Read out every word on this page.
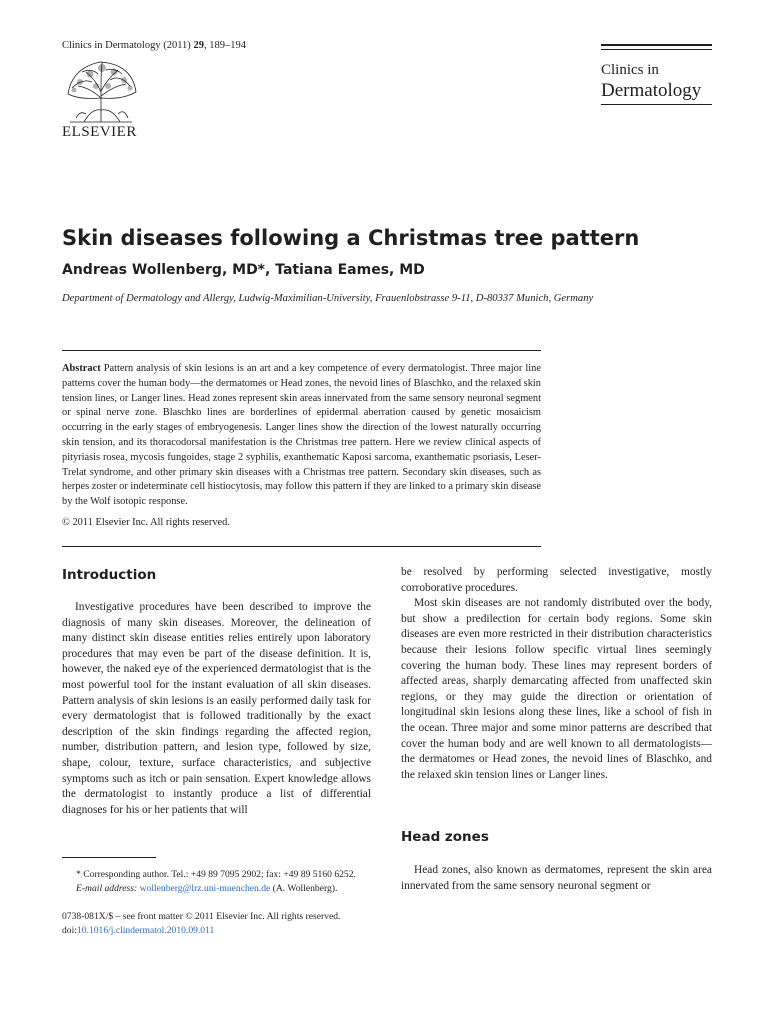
Clinics in Dermatology (2011) 29, 189–194
ELSEVIER
Clinics in
Dermatology
Skin diseases following a Christmas tree pattern
Andreas Wollenberg, MD*, Tatiana Eames, MD
Department of Dermatology and Allergy, Ludwig-Maximilian-University, Frauenlobstrasse 9-11, D-80337 Munich, Germany
Abstract Pattern analysis of skin lesions is an art and a key competence of every dermatologist. Three major line patterns cover the human body—the dermatomes or Head zones, the nevoid lines of Blaschko, and the relaxed skin tension lines, or Langer lines. Head zones represent skin areas innervated from the same sensory neuronal segment or spinal nerve zone. Blaschko lines are borderlines of epidermal aberration caused by genetic mosaicism occurring in the early stages of embryogenesis. Langer lines show the direction of the lowest naturally occurring skin tension, and its thoracodorsal manifestation is the Christmas tree pattern. Here we review clinical aspects of pityriasis rosea, mycosis fungoides, stage 2 syphilis, exanthematic Kaposi sarcoma, exanthematic psoriasis, Leser-Trelat syndrome, and other primary skin diseases with a Christmas tree pattern. Secondary skin diseases, such as herpes zoster or indeterminate cell histiocytosis, may follow this pattern if they are linked to a primary skin disease by the Wolf isotopic response.
© 2011 Elsevier Inc. All rights reserved.
Introduction

Investigative procedures have been described to improve the diagnosis of many skin diseases. Moreover, the delineation of many distinct skin disease entities relies entirely upon laboratory procedures that may even be part of the disease definition. It is, however, the naked eye of the experienced dermatologist that is the most powerful tool for the instant evaluation of all skin diseases. Pattern analysis of skin lesions is an easily performed daily task for every dermatologist that is followed traditionally by the exact description of the skin findings regarding the affected region, number, distribution pattern, and lesion type, followed by size, shape, colour, texture, surface characteristics, and subjective symptoms such as itch or pain sensation. Expert knowledge allows the dermatologist to instantly produce a list of differential diagnoses for his or her patients that will

be resolved by performing selected investigative, mostly corroborative procedures.

Most skin diseases are not randomly distributed over the body, but show a predilection for certain body regions. Some skin diseases are even more restricted in their distribution characteristics because their lesions follow specific virtual lines seemingly covering the human body. These lines may represent borders of affected areas, sharply demarcating affected from unaffected skin regions, or they may guide the direction or orientation of longitudinal skin lesions along these lines, like a school of fish in the ocean. Three major and some minor patterns are described that cover the human body and are well known to all dermatologists—the dermatomes or Head zones, the nevoid lines of Blaschko, and the relaxed skin tension lines or Langer lines.

Head zones

Head zones, also known as dermatomes, represent the skin area innervated from the same sensory neuronal segment or

* Corresponding author. Tel.: +49 89 7095 2902; fax: +49 89 5160 6252.
E-mail address: wollenberg@lrz.uni-muenchen.de (A. Wollenberg).
0738-081X/$ – see front matter © 2011 Elsevier Inc. All rights reserved.
doi:10.1016/j.clindermatol.2010.09.011
